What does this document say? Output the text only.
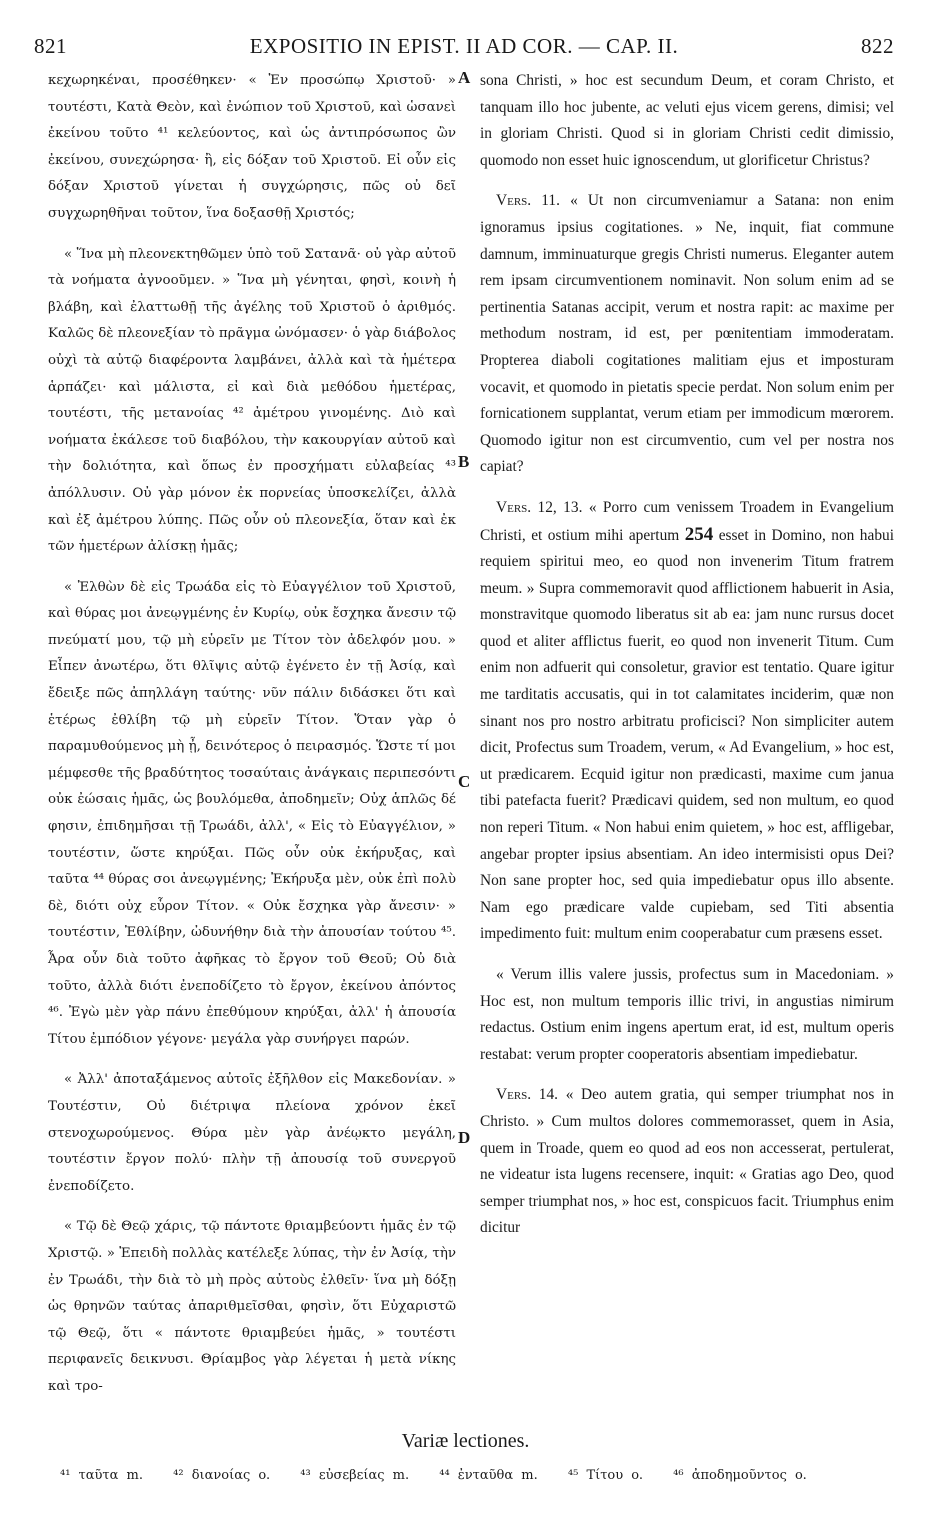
821	EXPOSITIO IN EPIST. II AD COR. — CAP. II.	822

κεχωρηκέναι, προσέθηκεν· « Ἐν προσώπῳ Χριστοῦ· » τουτέστι, Κατὰ Θεὸν, καὶ ἐνώπιον τοῦ Χριστοῦ, καὶ ὡσανεὶ ἐκείνου τοῦτο ⁴¹ κελεύοντος, καὶ ὡς ἀντιπρόσωπος ὢν ἐκείνου, συνεχώρησα· ἢ, εἰς δόξαν τοῦ Χριστοῦ. Εἰ οὖν εἰς δόξαν Χριστοῦ γίνεται ἡ συγχώρησις, πῶς οὐ δεῖ συγχωρηθῆναι τοῦτον, ἵνα δοξασθῇ Χριστός;

« Ἵνα μὴ πλεονεκτηθῶμεν ὑπὸ τοῦ Σατανᾶ· οὐ γὰρ αὐτοῦ τὰ νοήματα ἀγνοοῦμεν. » Ἵνα μὴ γένηται, φησὶ, κοινὴ ἡ βλάβη, καὶ ἐλαττωθῇ τῆς ἀγέλης τοῦ Χριστοῦ ὁ ἀριθμός. Καλῶς δὲ πλεονεξίαν τὸ πρᾶγμα ὠνόμασεν· ὁ γὰρ διάβολος οὐχὶ τὰ αὐτῷ διαφέροντα λαμβάνει, ἀλλὰ καὶ τὰ ἡμέτερα ἁρπάζει· καὶ μάλιστα, εἰ καὶ διὰ μεθόδου ἡμετέρας, τουτέστι, τῆς μετανοίας ⁴² ἀμέτρου γινομένης. Διὸ καὶ νοήματα ἐκάλεσε τοῦ διαβόλου, τὴν κακουργίαν αὐτοῦ καὶ τὴν δολιότητα, καὶ ὅπως ἐν προσχήματι εὐλαβείας ⁴³ ἀπόλλυσιν. Οὐ γὰρ μόνον ἐκ πορνείας ὑποσκελίζει, ἀλλὰ καὶ ἐξ ἀμέτρου λύπης. Πῶς οὖν οὐ πλεονεξία, ὅταν καὶ ἐκ τῶν ἡμετέρων ἀλίσκῃ ἡμᾶς;

« Ἐλθὼν δὲ εἰς Τρωάδα εἰς τὸ Εὐαγγέλιον τοῦ Χριστοῦ, καὶ θύρας μοι ἀνεῳγμένης ἐν Κυρίῳ, οὐκ ἔσχηκα ἄνεσιν τῷ πνεύματί μου, τῷ μὴ εὑρεῖν με Τίτον τὸν ἀδελφόν μου. » Εἶπεν ἀνωτέρω, ὅτι θλῖψις αὐτῷ ἐγένετο ἐν τῇ Ἀσίᾳ, καὶ ἔδειξε πῶς ἀπηλλάγη ταύτης· νῦν πάλιν διδάσκει ὅτι καὶ ἑτέρως ἐθλίβη τῷ μὴ εὑρεῖν Τίτον. Ὅταν γὰρ ὁ παραμυθούμενος μὴ ᾖ, δεινότερος ὁ πειρασμός. Ὥστε τί μοι μέμφεσθε τῆς βραδύτητος τοσαύταις ἀνάγκαις περιπεσόντι οὐκ ἐώσαις ἡμᾶς, ὡς βουλόμεθα, ἀποδημεῖν; Οὐχ ἁπλῶς δέ φησιν, ἐπιδημῆσαι τῇ Τρωάδι, ἀλλ', « Εἰς τὸ Εὐαγγέλιον, » τουτέστιν, ὥστε κηρύξαι. Πῶς οὖν οὐκ ἐκήρυξας, καὶ ταῦτα ⁴⁴ θύρας σοι ἀνεῳγμένης; Ἐκήρυξα μὲν, οὐκ ἐπὶ πολὺ δὲ, διότι οὐχ εὗρον Τίτον. « Οὐκ ἔσχηκα γὰρ ἄνεσιν· » τουτέστιν, Ἐθλίβην, ὠδυνήθην διὰ τὴν ἀπουσίαν τούτου ⁴⁵. Ἆρα οὖν διὰ τοῦτο ἀφῆκας τὸ ἔργον τοῦ Θεοῦ; Οὐ διὰ τοῦτο, ἀλλὰ διότι ἐνεποδίζετο τὸ ἔργον, ἐκείνου ἀπόντος ⁴⁶. Ἐγὼ μὲν γὰρ πάνυ ἐπεθύμουν κηρύξαι, ἀλλ' ἡ ἀπουσία Τίτου ἐμπόδιον γέγονε· μεγάλα γὰρ συνήργει παρών.

« Ἀλλ' ἀποταξάμενος αὐτοῖς ἐξῆλθον εἰς Μακεδονίαν. » Τουτέστιν, Οὐ διέτριψα πλείονα χρόνον ἐκεῖ στενοχωρούμενος. Θύρα μὲν γὰρ ἀνέῳκτο μεγάλη, τουτέστιν ἔργον πολύ· πλὴν τῇ ἀπουσίᾳ τοῦ συνεργοῦ ἐνεποδίζετο.

« Τῷ δὲ Θεῷ χάρις, τῷ πάντοτε θριαμβεύοντι ἡμᾶς ἐν τῷ Χριστῷ. » Ἐπειδὴ πολλὰς κατέλεξε λύπας, τὴν ἐν Ἀσίᾳ, τὴν ἐν Τρωάδι, τὴν διὰ τὸ μὴ πρὸς αὐτοὺς ἐλθεῖν· ἵνα μὴ δόξῃ ὡς θρηνῶν ταύτας ἀπαριθμεῖσθαι, φησὶν, ὅτι Εὐχαριστῶ τῷ Θεῷ, ὅτι « πάντοτε θριαμβεύει ἡμᾶς, » τουτέστι περιφανεῖς δεικνυσι. Θρίαμβος γὰρ λέγεται ἡ μετὰ νίκης καὶ τρο-

A
B
C
D

sona Christi, » hoc est secundum Deum, et coram Christo, et tanquam illo hoc jubente, ac veluti ejus vicem gerens, dimisi; vel in gloriam Christi. Quod si in gloriam Christi cedit dimissio, quomodo non esset huic ignoscendum, ut glorificetur Christus?

Vers. 11. « Ut non circumveniamur a Satana: non enim ignoramus ipsius cogitationes. » Ne, inquit, fiat commune damnum, imminuaturque gregis Christi numerus. Eleganter autem rem ipsam circumventionem nominavit. Non solum enim ad se pertinentia Satanas accipit, verum et nostra rapit: ac maxime per methodum nostram, id est, per pœnitentiam immoderatam. Propterea diaboli cogitationes malitiam ejus et imposturam vocavit, et quomodo in pietatis specie perdat. Non solum enim per fornicationem supplantat, verum etiam per immodicum mœrorem. Quomodo igitur non est circumventio, cum vel per nostra nos capiat?

Vers. 12, 13. « Porro cum venissem Troadem in Evangelium Christi, et ostium mihi apertum 254 esset in Domino, non habui requiem spiritui meo, eo quod non invenerim Titum fratrem meum. » Supra commemoravit quod afflictionem habuerit in Asia, monstravitque quomodo liberatus sit ab ea: jam nunc rursus docet quod et aliter afflictus fuerit, eo quod non invenerit Titum. Cum enim non adfuerit qui consoletur, gravior est tentatio. Quare igitur me tarditatis accusatis, qui in tot calamitates inciderim, quæ non sinant nos pro nostro arbitratu proficisci? Non simpliciter autem dicit, Profectus sum Troadem, verum, « Ad Evangelium, » hoc est, ut prædicarem. Ecquid igitur non prædicasti, maxime cum janua tibi patefacta fuerit? Prædicavi quidem, sed non multum, eo quod non reperi Titum. « Non habui enim quietem, » hoc est, affligebar, angebar propter ipsius absentiam. An ideo intermisisti opus Dei? Non sane propter hoc, sed quia impediebatur opus illo absente. Nam ego prædicare valde cupiebam, sed Titi absentia impedimento fuit: multum enim cooperabatur cum præsens esset.

« Verum illis valere jussis, profectus sum in Macedoniam. » Hoc est, non multum temporis illic trivi, in angustias nimirum redactus. Ostium enim ingens apertum erat, id est, multum operis restabat: verum propter cooperatoris absentiam impediebatur.

Vers. 14. « Deo autem gratia, qui semper triumphat nos in Christo. » Cum multos dolores commemorasset, quem in Asia, quem in Troade, quem eo quod ad eos non accesserat, pertulerat, ne videatur ista lugens recensere, inquit: « Gratias ago Deo, quod semper triumphat nos, » hoc est, conspicuos facit. Triumphus enim dicitur

Variæ lectiones.
⁴¹ ταῦτα m. ⁴² διανοίας o. ⁴³ εὐσεβείας m. ⁴⁴ ἐνταῦθα m. ⁴⁵ Τίτου o. ⁴⁶ ἀποδημοῦντος o.
